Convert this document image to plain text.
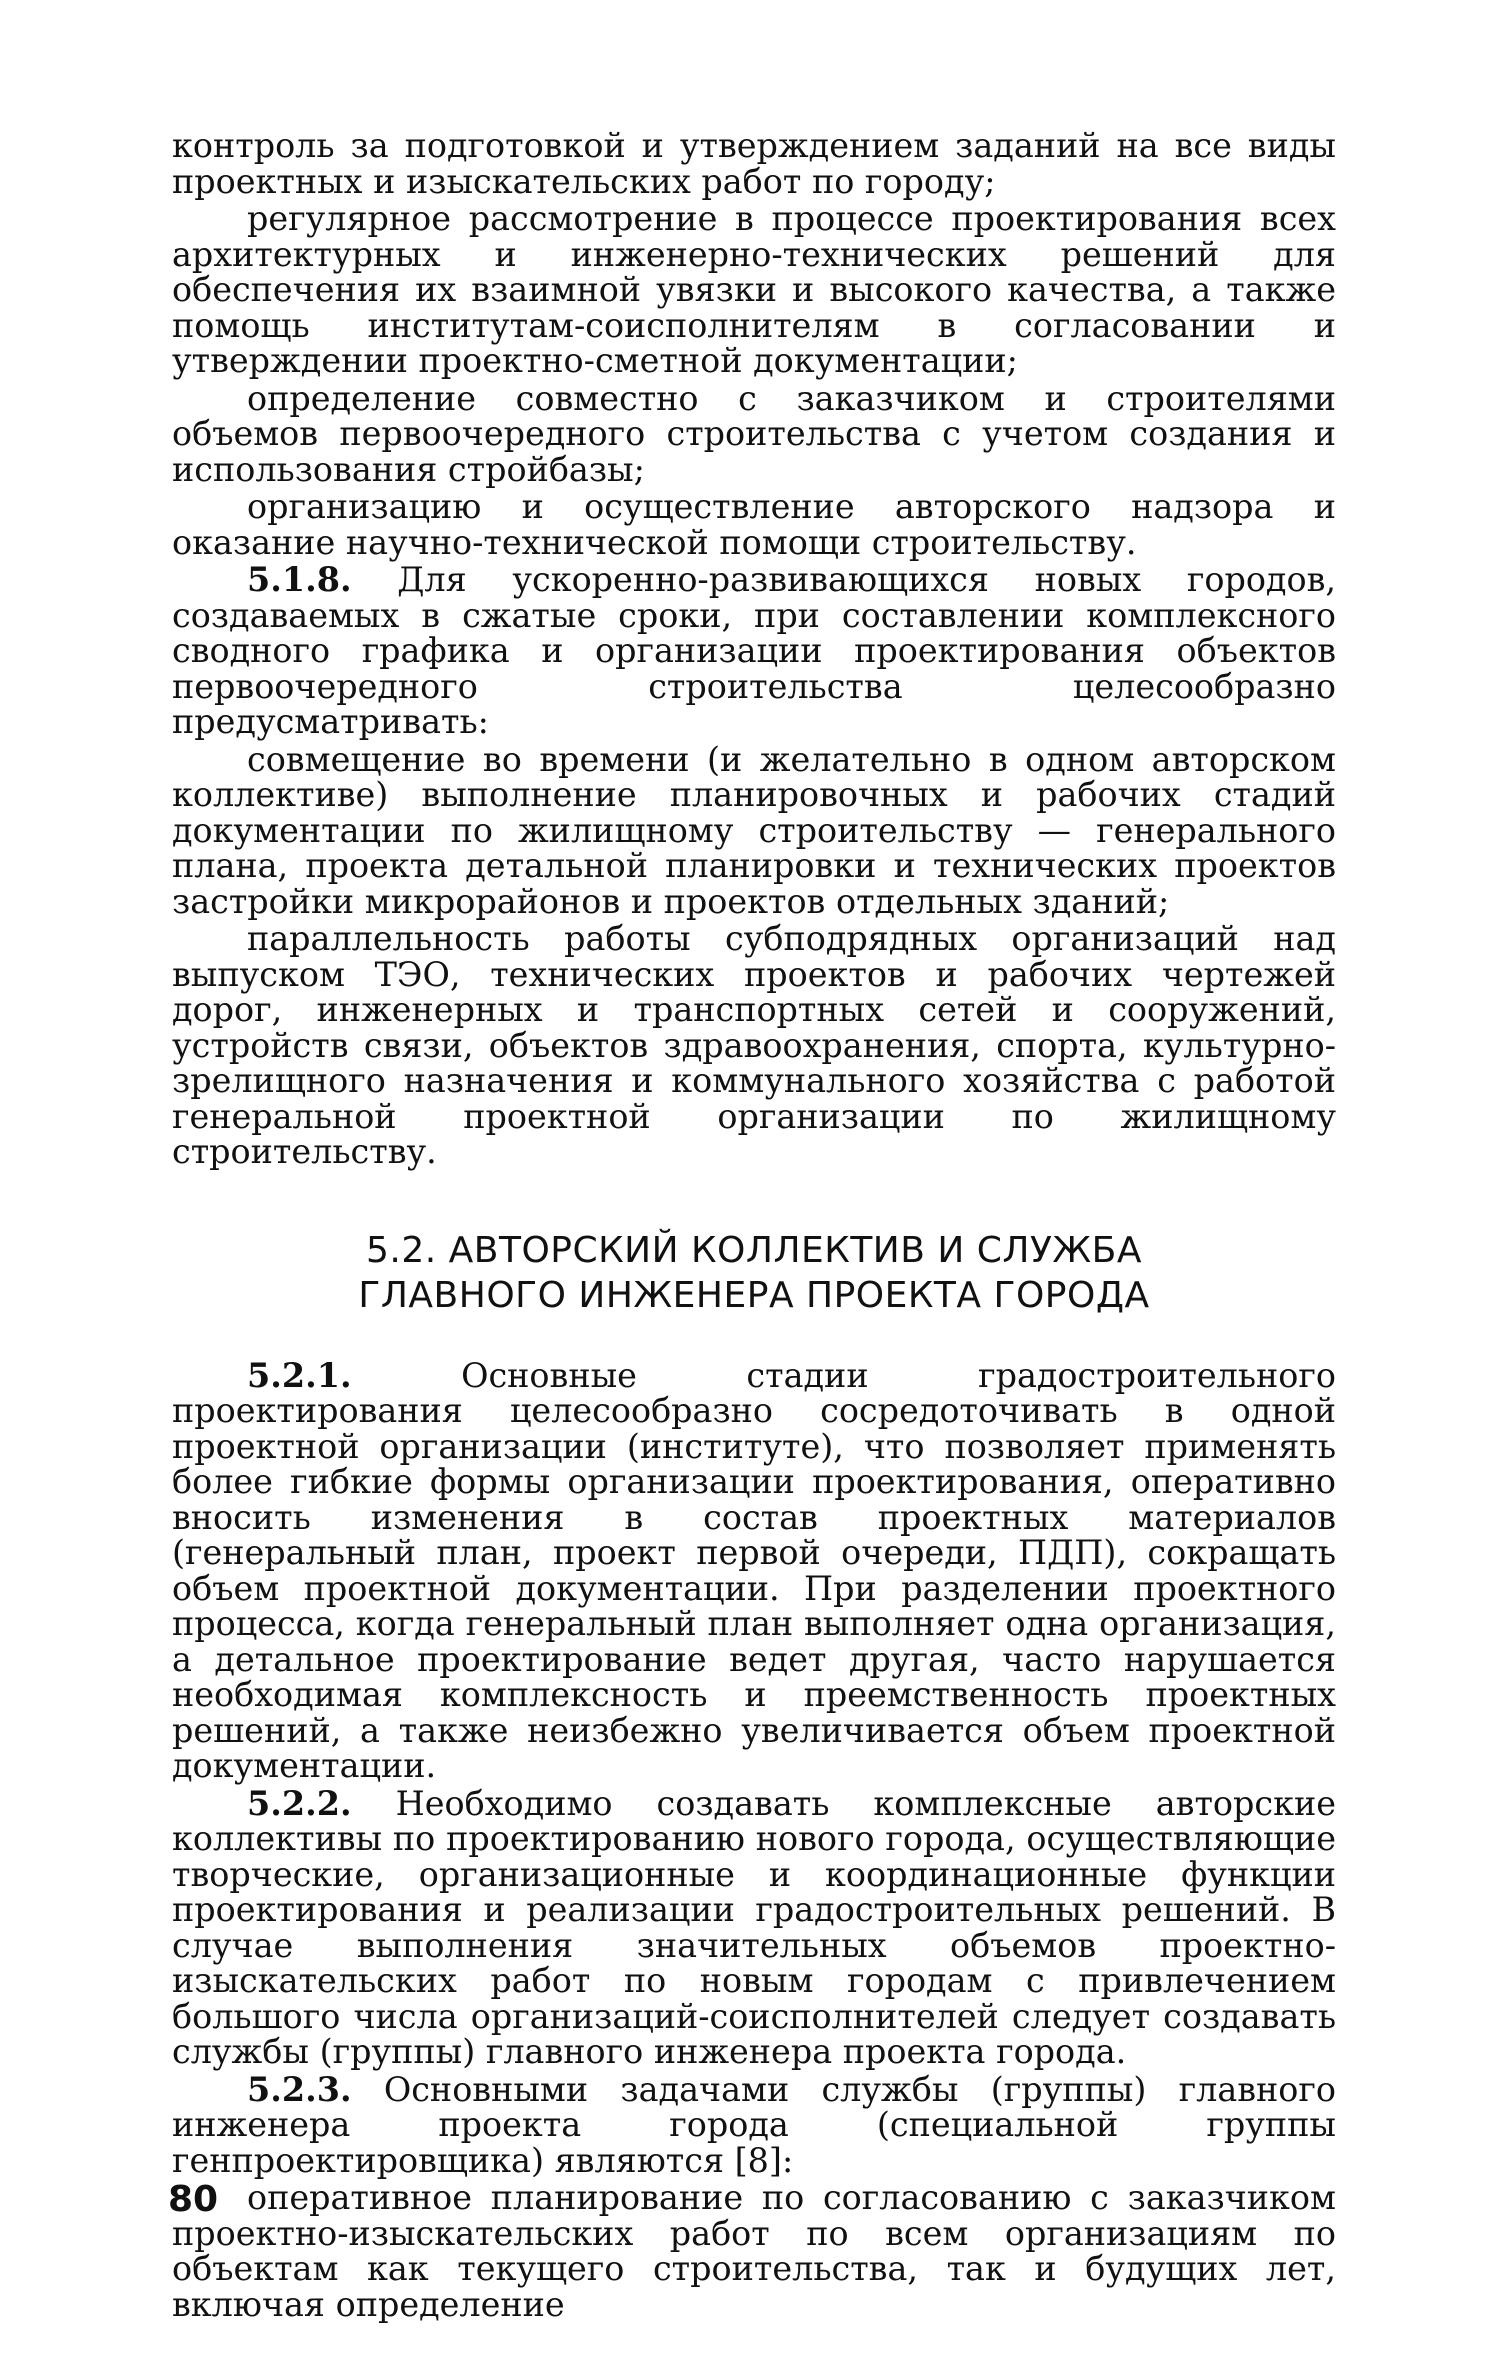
контроль за подготовкой и утверждением заданий на все виды проектных и изыскательских работ по городу;

регулярное рассмотрение в процессе проектирования всех архитектурных и инженерно-технических решений для обеспечения их взаимной увязки и высокого качества, а также помощь институтам-соисполнителям в согласовании и утверждении проектно-сметной документации;

определение совместно с заказчиком и строителями объемов первоочередного строительства с учетом создания и использования стройбазы;

организацию и осуществление авторского надзора и оказание научно-технической помощи строительству.

5.1.8. Для ускоренно-развивающихся новых городов, создаваемых в сжатые сроки, при составлении комплексного сводного графика и организации проектирования объектов первоочередного строительства целесообразно предусматривать:

совмещение во времени (и желательно в одном авторском коллективе) выполнение планировочных и рабочих стадий документации по жилищному строительству — генерального плана, проекта детальной планировки и технических проектов застройки микрорайонов и проектов отдельных зданий;

параллельность работы субподрядных организаций над выпуском ТЭО, технических проектов и рабочих чертежей дорог, инженерных и транспортных сетей и сооружений, устройств связи, объектов здравоохранения, спорта, культурно-зрелищного назначения и коммунального хозяйства с работой генеральной проектной организации по жилищному строительству.

5.2. АВТОРСКИЙ КОЛЛЕКТИВ И СЛУЖБА
ГЛАВНОГО ИНЖЕНЕРА ПРОЕКТА ГОРОДА

5.2.1.	Основные стадии градостроительного проектирования целесообразно сосредоточивать в одной проектной организации (институте), что позволяет применять более гибкие формы организации проектирования, оперативно вносить изменения в состав проектных материалов (генеральный план, проект первой очереди, ПДП), сокращать объем проектной документации. При разделении проектного процесса, когда генеральный план выполняет одна организация, а детальное проектирование ведет другая, часто нарушается необходимая комплексность и преемственность проектных решений, а также неизбежно увеличивается объем проектной документации.

5.2.2. Необходимо создавать комплексные авторские коллективы по проектированию нового города, осуществляющие творческие, организационные и координационные функции проектирования и реализации градостроительных решений. В случае выполнения значительных объемов проектно-изыскательских работ по новым городам с привлечением большого числа организаций-соисполнителей следует создавать службы (группы) главного инженера проекта города.

5.2.3. Основными задачами службы (группы) главного инженера проекта города (специальной группы генпроектировщика) являются [8]:

оперативное планирование по согласованию с заказчиком проектно-изыскательских работ по всем организациям по объектам как текущего строительства, так и будущих лет, включая определение

80
